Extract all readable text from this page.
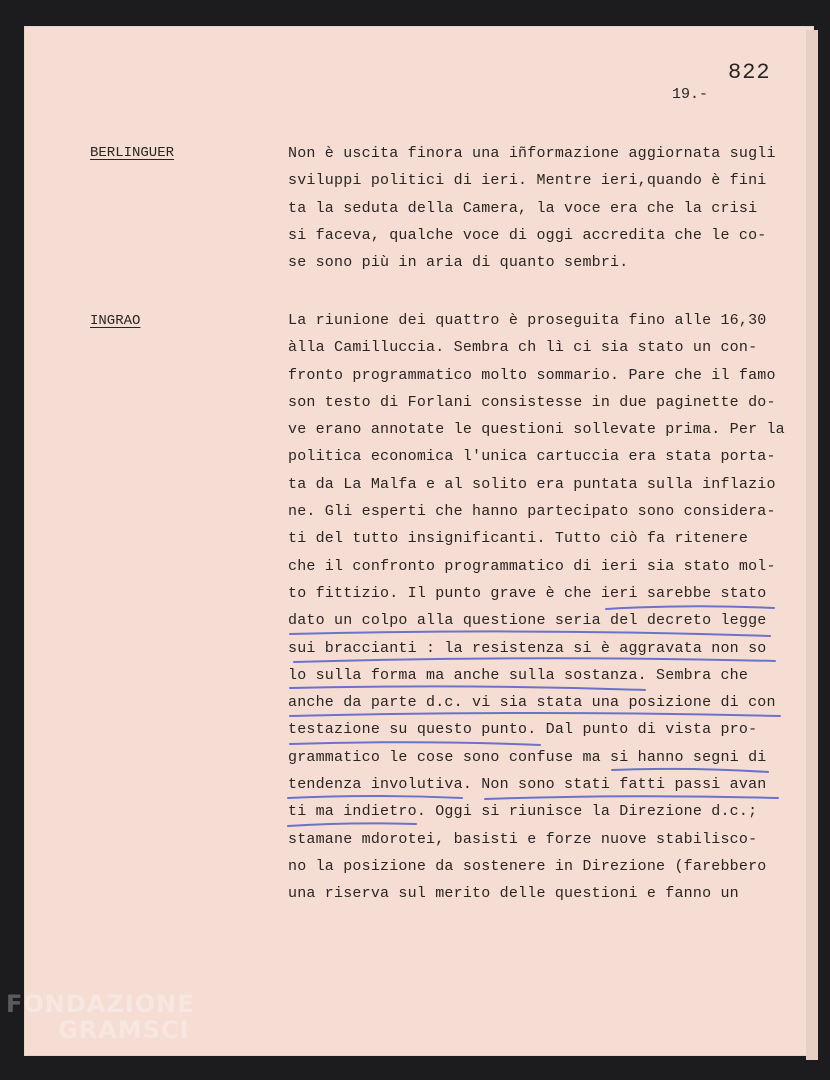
822
19.-

BERLINGUER	Non è uscita finora una iñformazione aggiornata sugli
sviluppi politici di ieri. Mentre ieri,quando è fini
ta la seduta della Camera, la voce era che la crisi
si faceva, qualche voce di oggi accredita che le co-
se sono più in aria di quanto sembri.
INGRAO	La riunione dei quattro è proseguita fino alle 16,30
àlla Camilluccia. Sembra ch lì ci sia stato un con-
fronto programmatico molto sommario. Pare che il famo
son testo di Forlani consistesse in due paginette do-
ve erano annotate le questioni sollevate prima. Per la
politica economica l'unica cartuccia era stata porta-
ta da La Malfa e al solito era puntata sulla inflazio
ne. Gli esperti che hanno partecipato sono considera-
ti del tutto insignificanti. Tutto ciò fa ritenere
che il confronto programmatico di ieri sia stato mol-
to fittizio. Il punto grave è che ieri sarebbe stato
dato un colpo alla questione seria del decreto legge
sui braccianti : la resistenza si è aggravata non so
lo sulla forma ma anche sulla sostanza. Sembra che
anche da parte d.c. vi sia stata una posizione di con
testazione su questo punto. Dal punto di vista pro-
grammatico le cose sono confuse ma si hanno segni di
tendenza involutiva. Non sono stati fatti passi avan
ti ma indietro. Oggi si riunisce la Direzione d.c.;
stamane mdorotei, basisti e forze nuove stabilisco-
no la posizione da sostenere in Direzione (farebbero
una riserva sul merito delle questioni e fanno un
FONDAZIONE
GRAMSCI
